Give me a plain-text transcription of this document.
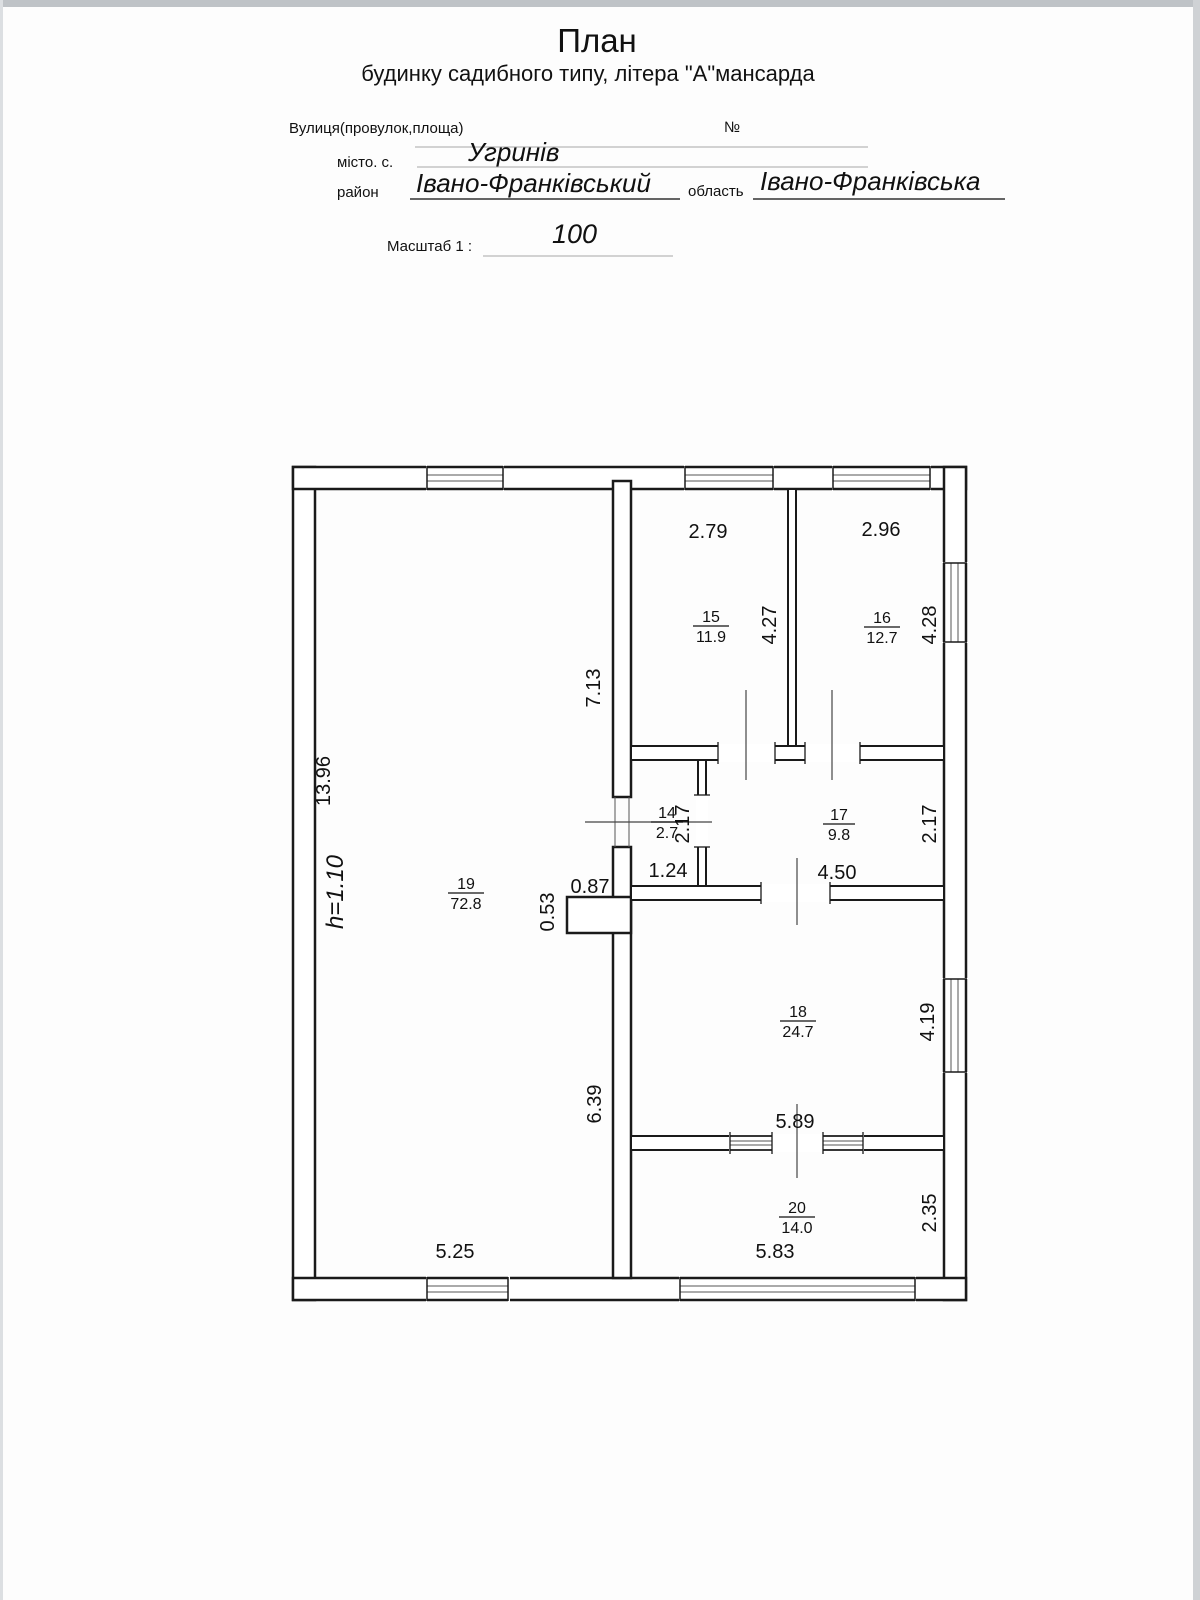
План
будинку садибного типу, літера "А"мансарда
Вулиця(провулок,площа)	№
місто. с.	Угринів
район Івано-Франківський область Івано-Франківська
Масштаб 1 :	100
19
72.8
15
11.9
16
12.7
14
2.7
17
9.8
18
24.7
20
14.0
2.79	2.96
0.87
1.24	4.50
5.89
5.25	5.83
4.27	4.28
7.13
13.96
h=1.10
2.17	2.17
0.53
6.39
4.19
2.35
